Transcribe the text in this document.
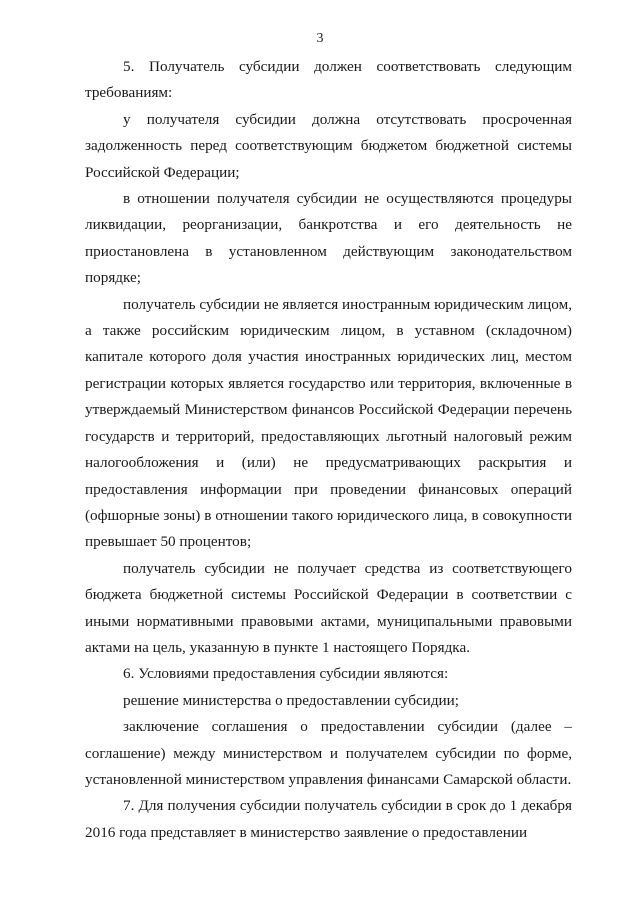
3

5. Получатель субсидии должен соответствовать следующим требованиям:

у получателя субсидии должна отсутствовать просроченная задолженность перед соответствующим бюджетом бюджетной системы Российской Федерации;

в отношении получателя субсидии не осуществляются процедуры ликвидации, реорганизации, банкротства и его деятельность не приостановлена в установленном действующим законодательством порядке;

получатель субсидии не является иностранным юридическим лицом, а также российским юридическим лицом, в уставном (складочном) капитале которого доля участия иностранных юридических лиц, местом регистрации которых является государство или территория, включенные в утверждаемый Министерством финансов Российской Федерации перечень государств и территорий, предоставляющих льготный налоговый режим налогообложения и (или) не предусматривающих раскрытия и предоставления информации при проведении финансовых операций (офшорные зоны) в отношении такого юридического лица, в совокупности превышает 50 процентов;

получатель субсидии не получает средства из соответствующего бюджета бюджетной системы Российской Федерации в соответствии с иными нормативными правовыми актами, муниципальными правовыми актами на цель, указанную в пункте 1 настоящего Порядка.

6. Условиями предоставления субсидии являются:

решение министерства о предоставлении субсидии;

заключение соглашения о предоставлении субсидии (далее – соглашение) между министерством и получателем субсидии по форме, установленной министерством управления финансами Самарской области.

7. Для получения субсидии получатель субсидии в срок до 1 декабря 2016 года представляет в министерство заявление о предоставлении
